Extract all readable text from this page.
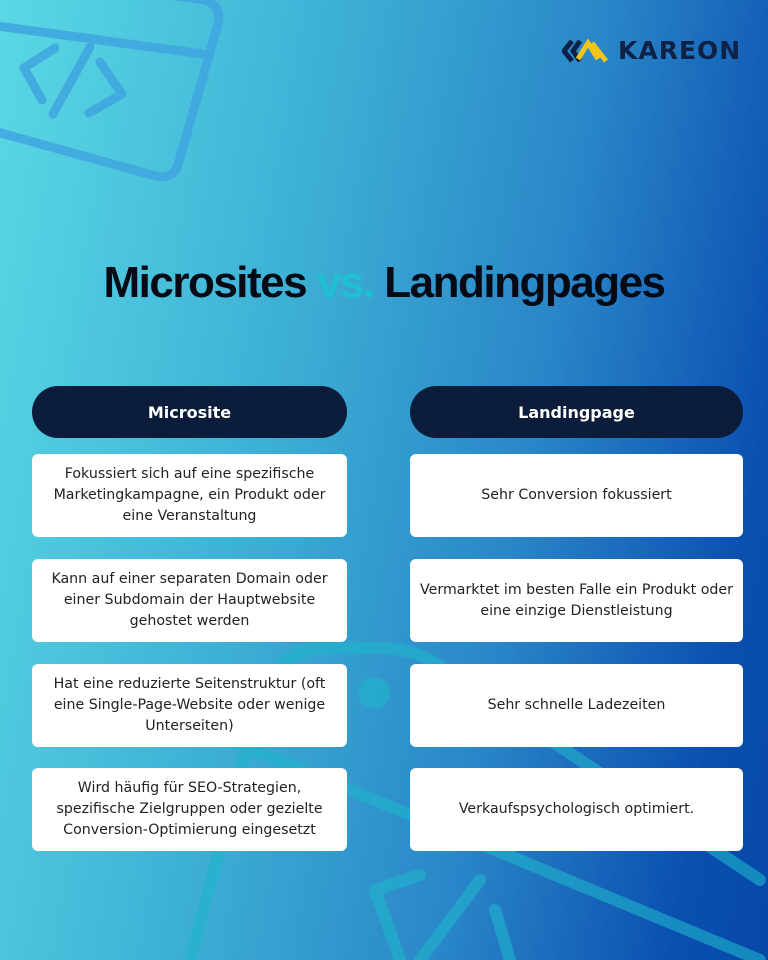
KAREON
Microsites vs. Landingpages
Microsite
Fokussiert sich auf eine spezifische Marketingkampagne, ein Produkt oder eine Veranstaltung
Kann auf einer separaten Domain oder einer Subdomain der Hauptwebsite gehostet werden
Hat eine reduzierte Seitenstruktur (oft eine Single-Page-Website oder wenige Unterseiten)
Wird häufig für SEO-Strategien, spezifische Zielgruppen oder gezielte Conversion-Optimierung eingesetzt
Landingpage
Sehr Conversion fokussiert
Vermarktet im besten Falle ein Produkt oder eine einzige Dienstleistung
Sehr schnelle Ladezeiten
Verkaufspsychologisch optimiert.
